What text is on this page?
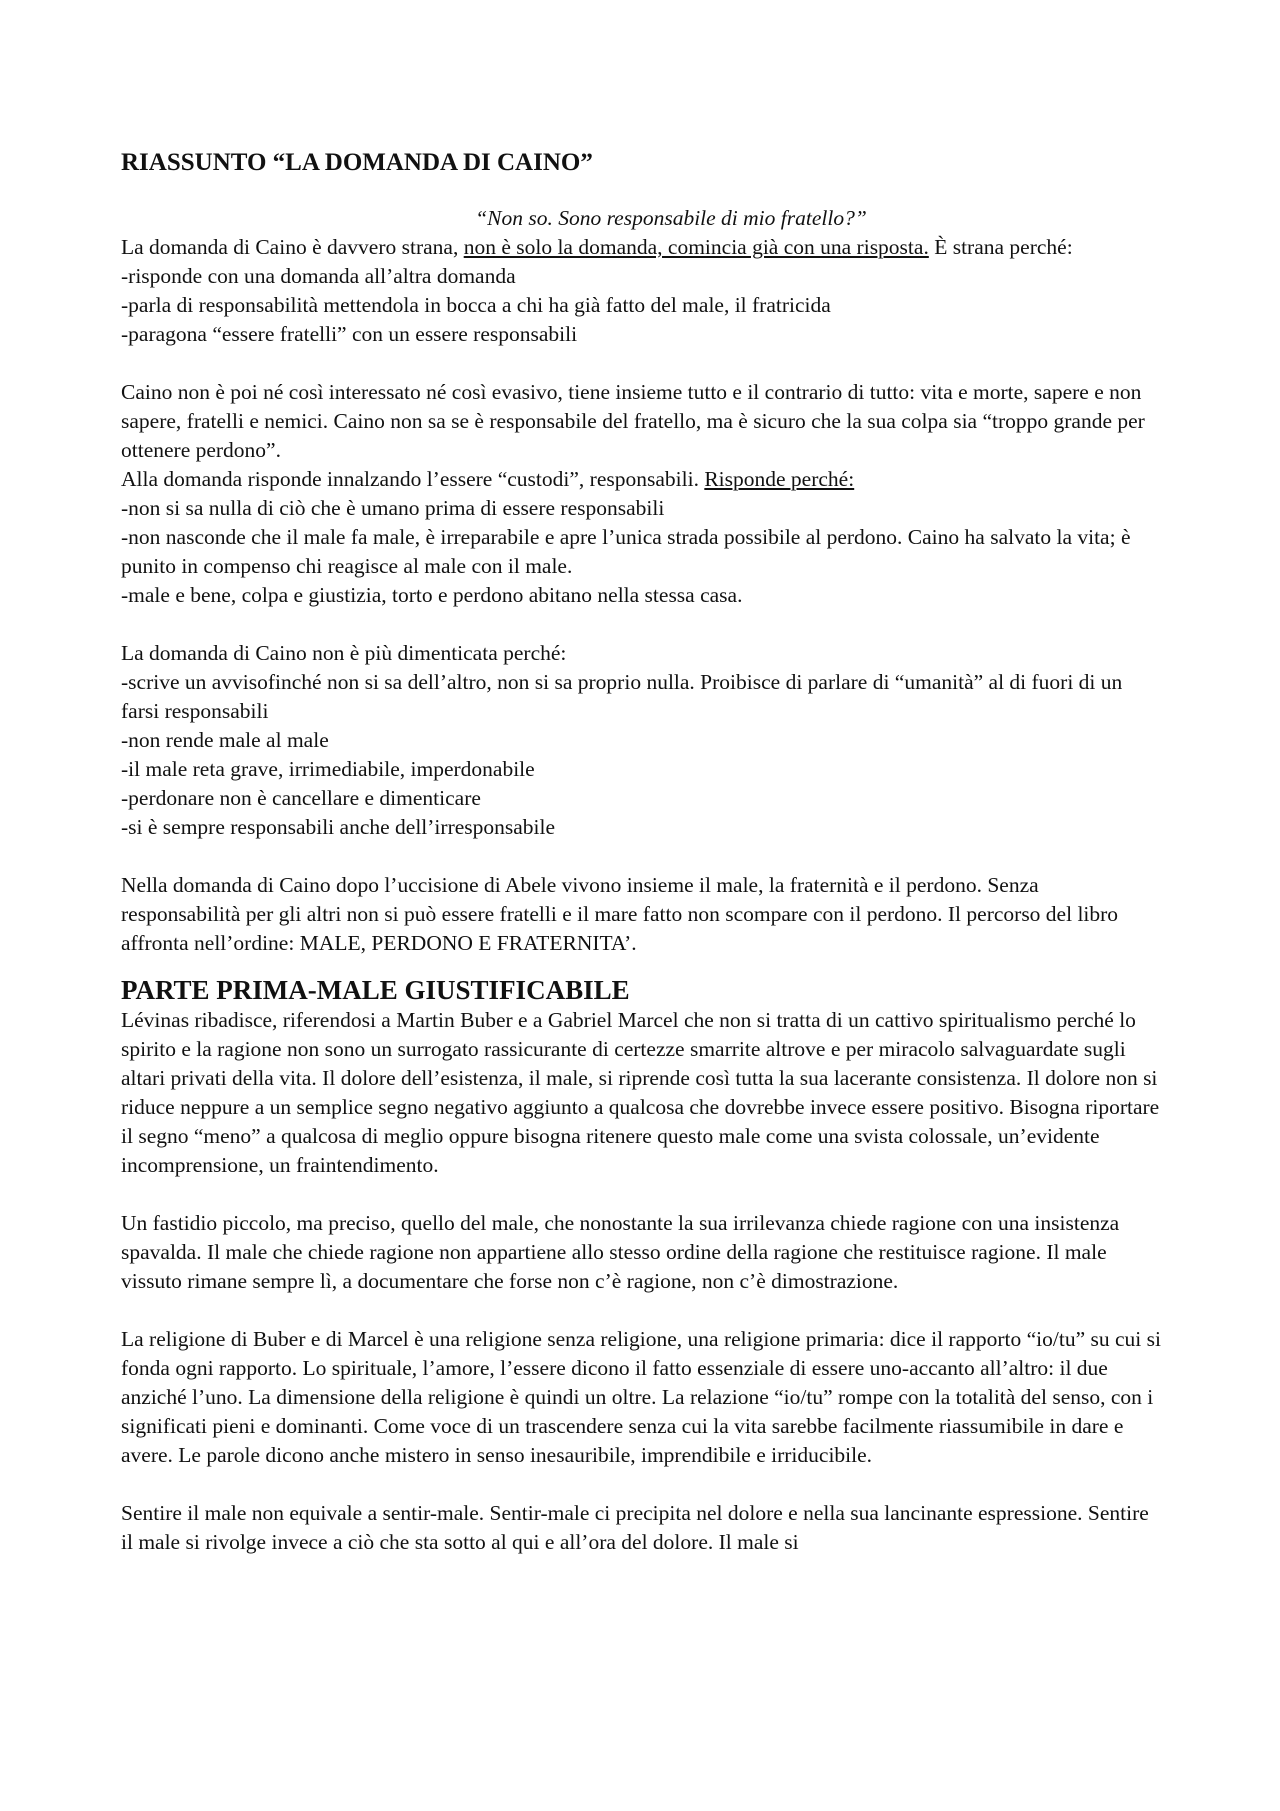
RIASSUNTO “LA DOMANDA DI CAINO”

“Non so. Sono responsabile di mio fratello?”

La domanda di Caino è davvero strana, non è solo la domanda, comincia già con una risposta. È strana perché:

-risponde con una domanda all’altra domanda
-parla di responsabilità mettendola in bocca a chi ha già fatto del male, il fratricida
-paragona “essere fratelli” con un essere responsabili

Caino non è poi né così interessato né così evasivo, tiene insieme tutto e il contrario di tutto: vita e morte, sapere e non sapere, fratelli e nemici. Caino non sa se è responsabile del fratello, ma è sicuro che la sua colpa sia “troppo grande per ottenere perdono”.

Alla domanda risponde innalzando l’essere “custodi”, responsabili. Risponde perché:

-non si sa nulla di ciò che è umano prima di essere responsabili
-non nasconde che il male fa male, è irreparabile e apre l’unica strada possibile al perdono. Caino ha salvato la vita; è punito in compenso chi reagisce al male con il male.
-male e bene, colpa e giustizia, torto e perdono abitano nella stessa casa.

La domanda di Caino non è più dimenticata perché:

-scrive un avvisofinché non si sa dell’altro, non si sa proprio nulla. Proibisce di parlare di “umanità” al di fuori di un farsi responsabili
-non rende male al male
-il male reta grave, irrimediabile, imperdonabile
-perdonare non è cancellare e dimenticare
-si è sempre responsabili anche dell’irresponsabile

Nella domanda di Caino dopo l’uccisione di Abele vivono insieme il male, la fraternità e il perdono. Senza responsabilità per gli altri non si può essere fratelli e il mare fatto non scompare con il perdono. Il percorso del libro affronta nell’ordine: MALE, PERDONO E FRATERNITA’.

PARTE PRIMA-MALE GIUSTIFICABILE

Lévinas ribadisce, riferendosi a Martin Buber e a Gabriel Marcel che non si tratta di un cattivo spiritualismo perché lo spirito e la ragione non sono un surrogato rassicurante di certezze smarrite altrove e per miracolo salvaguardate sugli altari privati della vita. Il dolore dell’esistenza, il male, si riprende così tutta la sua lacerante consistenza. Il dolore non si riduce neppure a un semplice segno negativo aggiunto a qualcosa che dovrebbe invece essere positivo. Bisogna riportare il segno “meno” a qualcosa di meglio oppure bisogna ritenere questo male come una svista colossale, un’evidente incomprensione, un fraintendimento.

Un fastidio piccolo, ma preciso, quello del male, che nonostante la sua irrilevanza chiede ragione con una insistenza spavalda. Il male che chiede ragione non appartiene allo stesso ordine della ragione che restituisce ragione. Il male vissuto rimane sempre lì, a documentare che forse non c’è ragione, non c’è dimostrazione.

La religione di Buber e di Marcel è una religione senza religione, una religione primaria: dice il rapporto “io/tu” su cui si fonda ogni rapporto. Lo spirituale, l’amore, l’essere dicono il fatto essenziale di essere uno-accanto all’altro: il due anziché l’uno. La dimensione della religione è quindi un oltre. La relazione “io/tu” rompe con la totalità del senso, con i significati pieni e dominanti. Come voce di un trascendere senza cui la vita sarebbe facilmente riassumibile in dare e avere. Le parole dicono anche mistero in senso inesauribile, imprendibile e irriducibile.

Sentire il male non equivale a sentir-male. Sentir-male ci precipita nel dolore e nella sua lancinante espressione. Sentire il male si rivolge invece a ciò che sta sotto al qui e all’ora del dolore. Il male si
